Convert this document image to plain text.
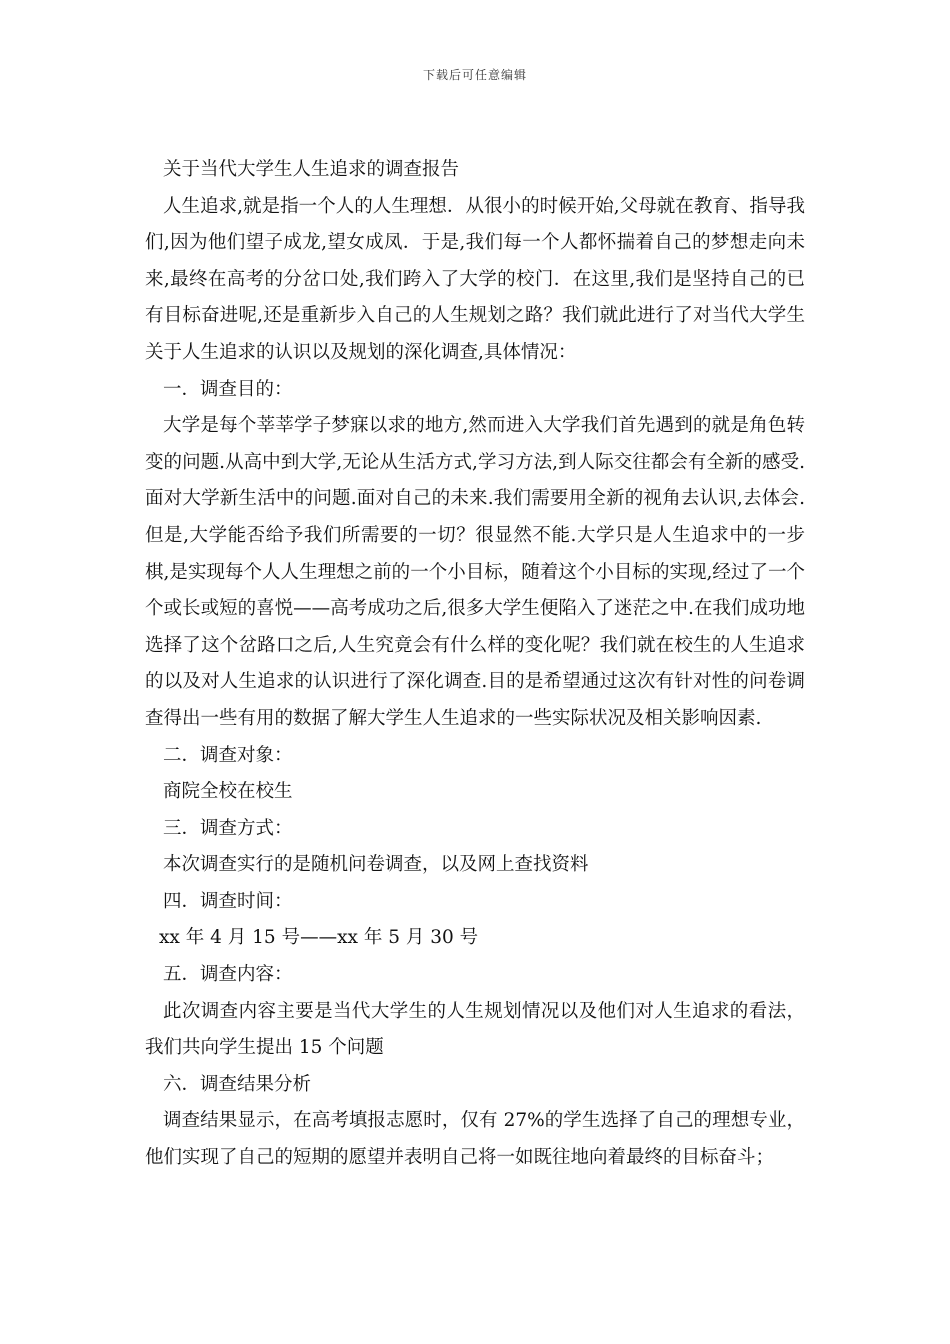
下载后可任意编辑

关于当代大学生人生追求的调查报告

人生追求,就是指一个人的人生理想．从很小的时候开始,父母就在教育、指导我们,因为他们望子成龙,望女成凤．于是,我们每一个人都怀揣着自己的梦想走向未来,最终在高考的分岔口处,我们跨入了大学的校门．在这里,我们是坚持自己的已有目标奋进呢,还是重新步入自己的人生规划之路？我们就此进行了对当代大学生关于人生追求的认识以及规划的深化调查,具体情况：

一．调查目的：

大学是每个莘莘学子梦寐以求的地方,然而进入大学我们首先遇到的就是角色转变的问题.从高中到大学,无论从生活方式,学习方法,到人际交往都会有全新的感受.面对大学新生活中的问题.面对自己的未来.我们需要用全新的视角去认识,去体会.但是,大学能否给予我们所需要的一切？很显然不能.大学只是人生追求中的一步棋,是实现每个人人生理想之前的一个小目标，随着这个小目标的实现,经过了一个个或长或短的喜悦——高考成功之后,很多大学生便陷入了迷茫之中.在我们成功地选择了这个岔路口之后,人生究竟会有什么样的变化呢？我们就在校生的人生追求的以及对人生追求的认识进行了深化调查.目的是希望通过这次有针对性的问卷调查得出一些有用的数据了解大学生人生追求的一些实际状况及相关影响因素.

二．调查对象：

商院全校在校生

三．调查方式：

本次调查实行的是随机问卷调查，以及网上查找资料

四．调查时间：

xx 年 4 月 15 号——xx 年 5 月 30 号

五．调查内容：

此次调查内容主要是当代大学生的人生规划情况以及他们对人生追求的看法，我们共向学生提出 15 个问题

六．调查结果分析

调查结果显示，在高考填报志愿时，仅有 27%的学生选择了自己的理想专业，他们实现了自己的短期的愿望并表明自己将一如既往地向着最终的目标奋斗；
